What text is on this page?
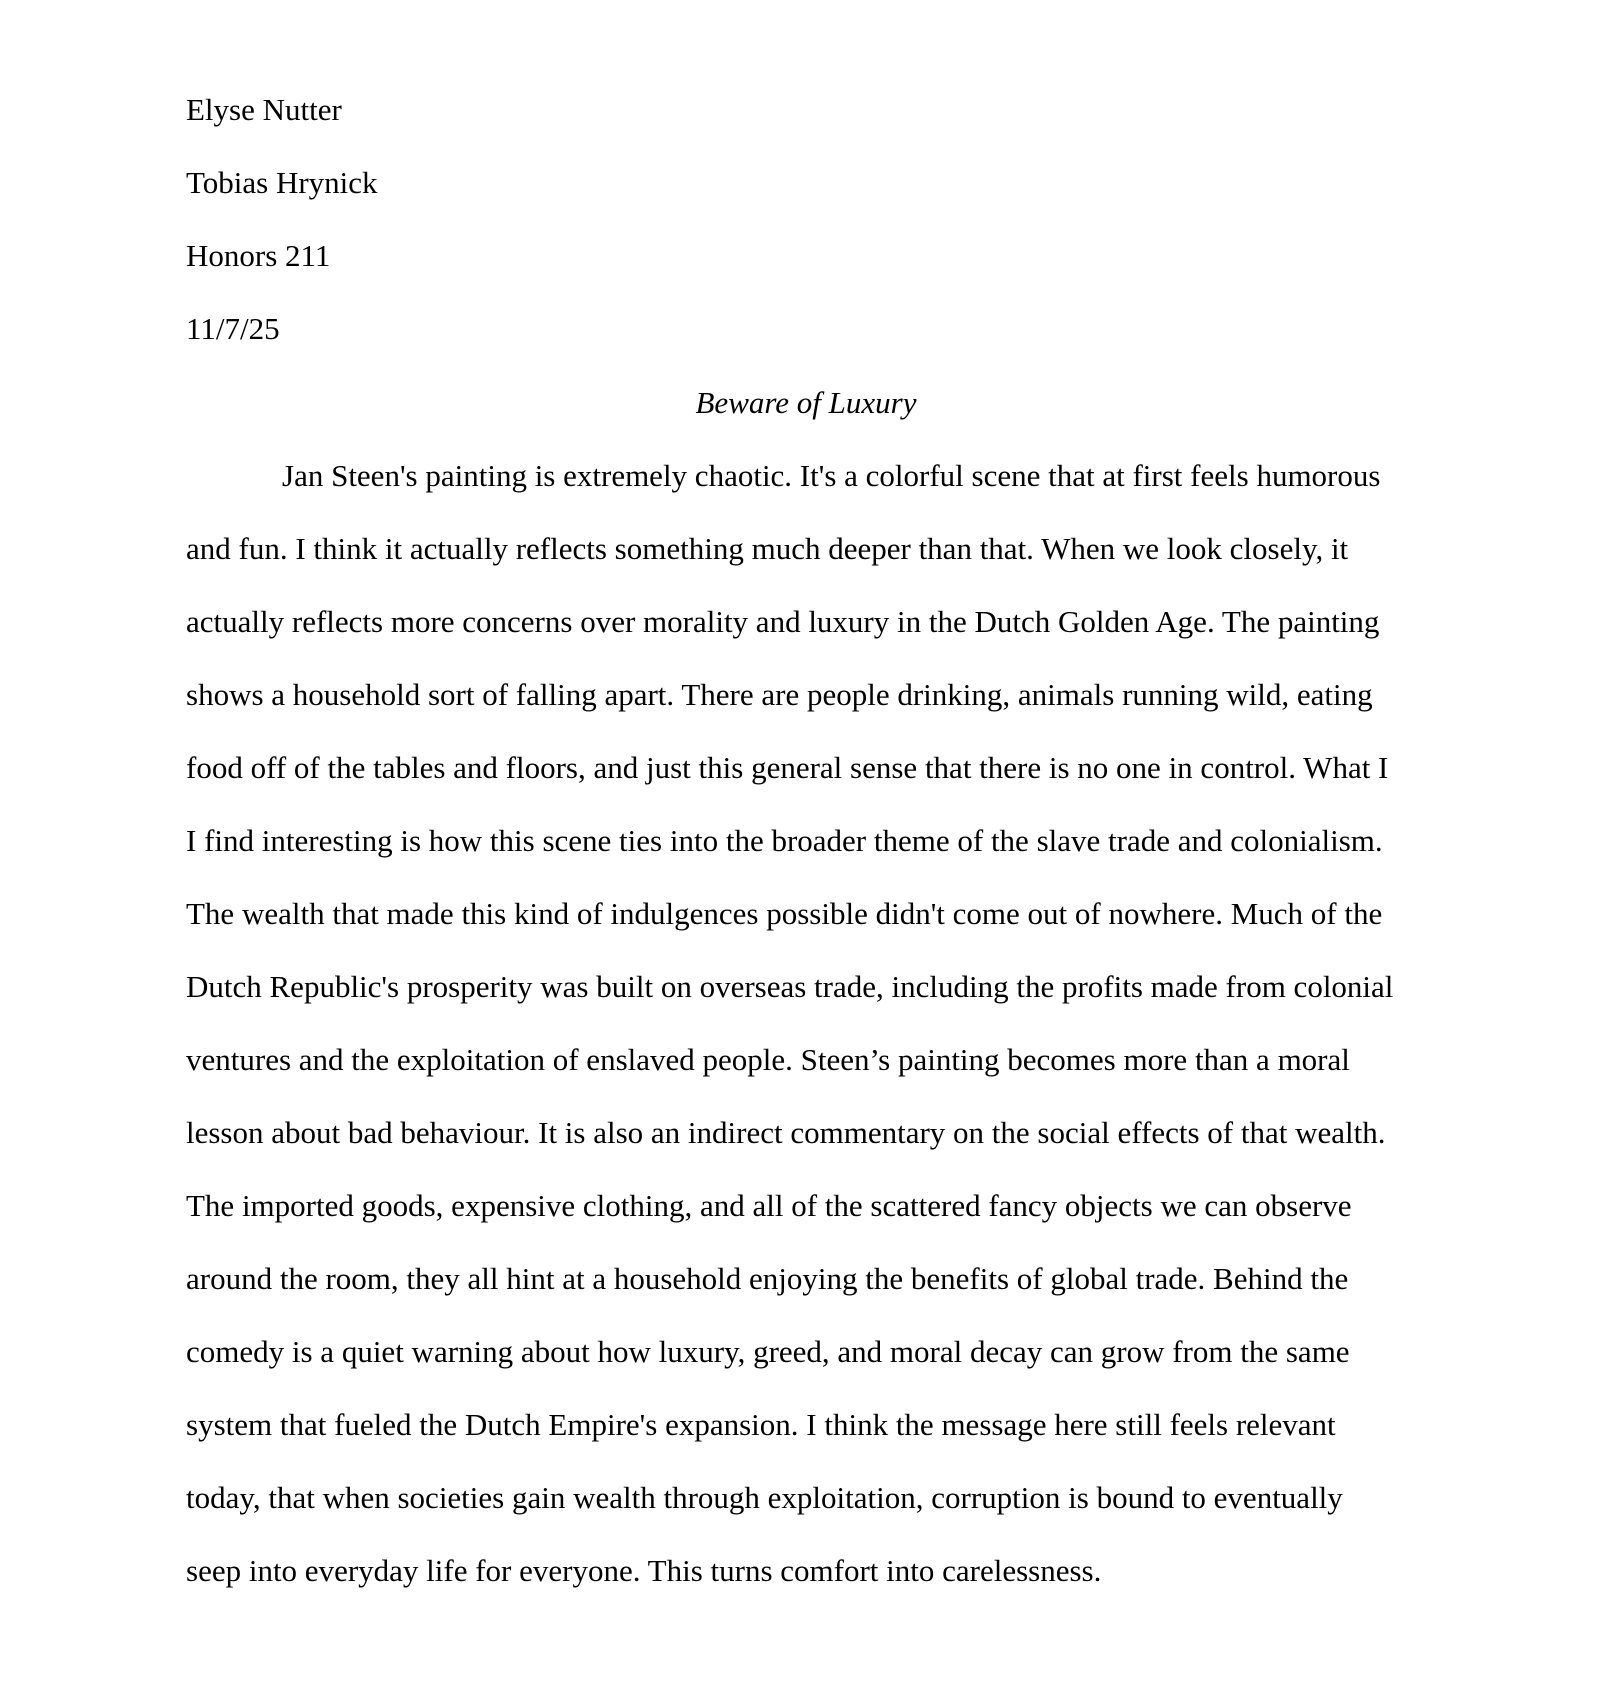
Elyse Nutter
Tobias Hrynick
Honors 211
11/7/25
Beware of Luxury
Jan Steen's painting is extremely chaotic. It's a colorful scene that at first feels humorous
and fun. I think it actually reflects something much deeper than that. When we look closely, it
actually reflects more concerns over morality and luxury in the Dutch Golden Age. The painting
shows a household sort of falling apart. There are people drinking, animals running wild, eating
food off of the tables and floors, and just this general sense that there is no one in control. What I
I find interesting is how this scene ties into the broader theme of the slave trade and colonialism.
The wealth that made this kind of indulgences possible didn't come out of nowhere. Much of the
Dutch Republic's prosperity was built on overseas trade, including the profits made from colonial
ventures and the exploitation of enslaved people. Steen’s painting becomes more than a moral
lesson about bad behaviour. It is also an indirect commentary on the social effects of that wealth.
The imported goods, expensive clothing, and all of the scattered fancy objects we can observe
around the room, they all hint at a household enjoying the benefits of global trade. Behind the
comedy is a quiet warning about how luxury, greed, and moral decay can grow from the same
system that fueled the Dutch Empire's expansion. I think the message here still feels relevant
today, that when societies gain wealth through exploitation, corruption is bound to eventually
seep into everyday life for everyone. This turns comfort into carelessness.
